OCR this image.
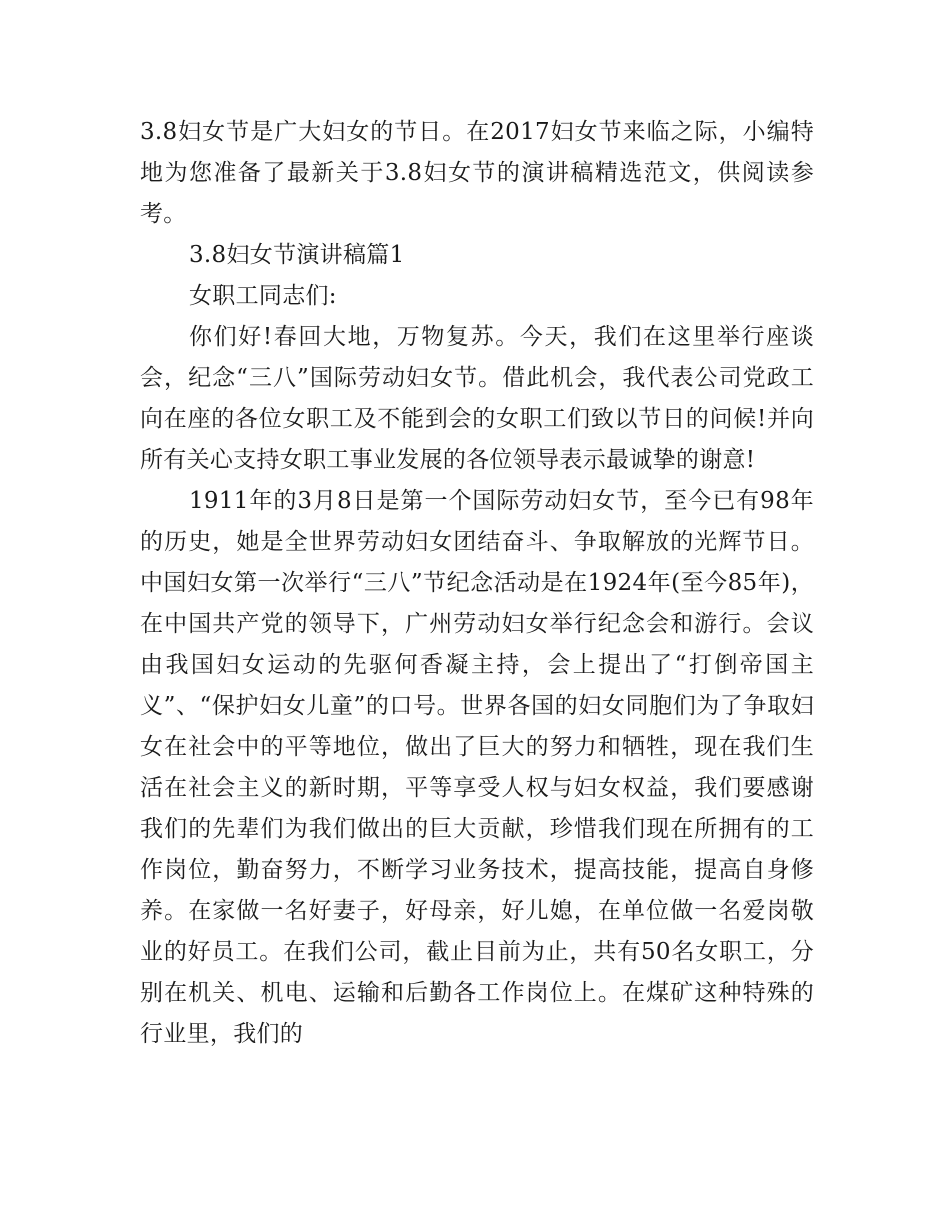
3.8妇女节是广大妇女的节日。在2017妇女节来临之际，小编特地为您准备了最新关于3.8妇女节的演讲稿精选范文，供阅读参考。

3.8妇女节演讲稿篇1

女职工同志们:

你们好!春回大地，万物复苏。今天，我们在这里举行座谈会，纪念“三八”国际劳动妇女节。借此机会，我代表公司党政工向在座的各位女职工及不能到会的女职工们致以节日的问候!并向所有关心支持女职工事业发展的各位领导表示最诚挚的谢意!

1911年的3月8日是第一个国际劳动妇女节，至今已有98年的历史，她是全世界劳动妇女团结奋斗、争取解放的光辉节日。中国妇女第一次举行“三八”节纪念活动是在1924年(至今85年)，在中国共产党的领导下，广州劳动妇女举行纪念会和游行。会议由我国妇女运动的先驱何香凝主持，会上提出了“打倒帝国主义”、“保护妇女儿童”的口号。世界各国的妇女同胞们为了争取妇女在社会中的平等地位，做出了巨大的努力和牺牲，现在我们生活在社会主义的新时期，平等享受人权与妇女权益，我们要感谢我们的先辈们为我们做出的巨大贡献，珍惜我们现在所拥有的工作岗位，勤奋努力，不断学习业务技术，提高技能，提高自身修养。在家做一名好妻子，好母亲，好儿媳，在单位做一名爱岗敬业的好员工。在我们公司，截止目前为止，共有50名女职工，分别在机关、机电、运输和后勤各工作岗位上。在煤矿这种特殊的行业里，我们的
